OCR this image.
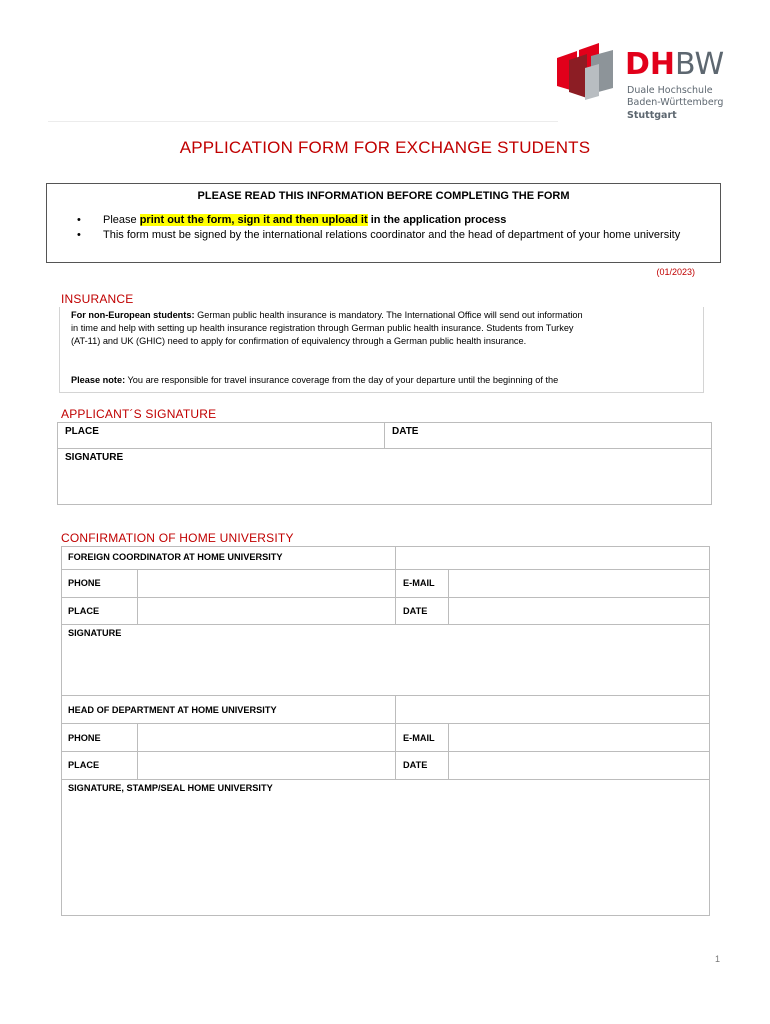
DHBW
Duale Hochschule
Baden-Württemberg
Stuttgart
APPLICATION FORM FOR EXCHANGE STUDENTS
PLEASE READ THIS INFORMATION BEFORE COMPLETING THE FORM
• Please print out the form, sign it and then upload it in the application process
• This form must be signed by the international relations coordinator and the head of department of your home university
(01/2023)
INSURANCE
For non-European students: German public health insurance is mandatory. The International Office will send out information
in time and help with setting up health insurance registration through German public health insurance. Students from Turkey
(AT-11) and UK (GHIC) need to apply for confirmation of equivalency through a German public health insurance.
Please note: You are responsible for travel insurance coverage from the day of your departure until the beginning of the
APPLICANT´S SIGNATURE
PLACE	DATE
SIGNATURE
CONFIRMATION OF HOME UNIVERSITY
FOREIGN COORDINATOR AT HOME UNIVERSITY
PHONE	E-MAIL
PLACE	DATE
SIGNATURE
HEAD OF DEPARTMENT AT HOME UNIVERSITY
PHONE	E-MAIL
PLACE	DATE
SIGNATURE, STAMP/SEAL HOME UNIVERSITY
1
